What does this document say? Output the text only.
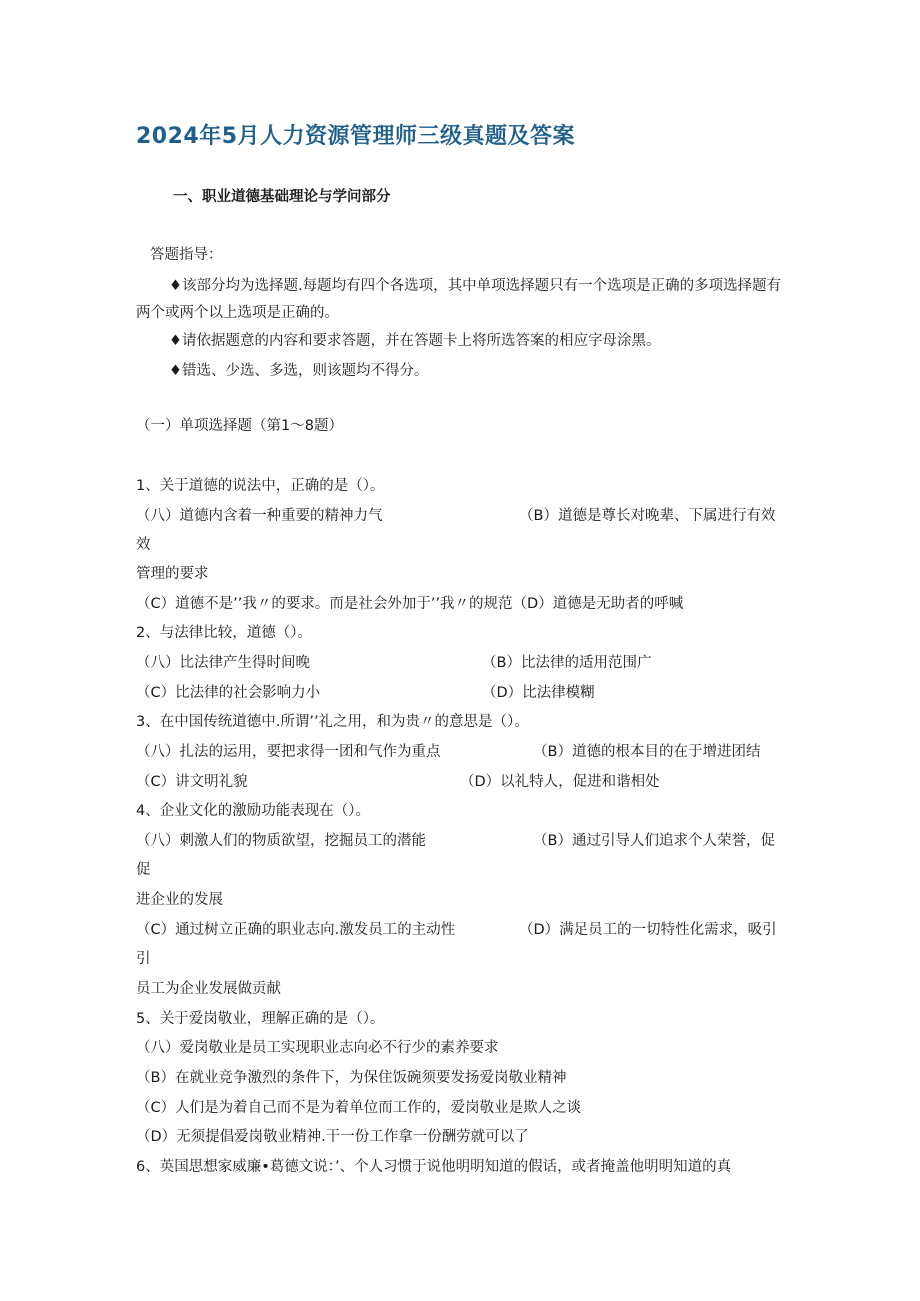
2024年5月人力资源管理师三级真题及答案
一、职业道德基础理论与学问部分
答题指导：
♦该部分均为选择题.每题均有四个各选项，其中单项选择题只有一个选项是正确的多项选择题有两个或两个以上选项是正确的。
♦请依据题意的内容和要求答题，并在答题卡上将所选答案的相应字母涂黑。
♦错选、少选、多选，则该题均不得分。
（一）单项选择题（第1～8题）
1、关于道德的说法中，正确的是（）。
（八）道德内含着一种重要的精神力气	（B）道德是尊长对晚辈、下属进行有效
效
管理的要求
（C）道德不是’’我〃的要求。而是社会外加于’’我〃的规范（D）道德是无助者的呼喊
2、与法律比较，道德（）。
（八）比法律产生得时间晚	（B）比法律的适用范围广
（C）比法律的社会影响力小	（D）比法律模糊
3、在中国传统道德中.所谓’’礼之用，和为贵〃的意思是（）。
（八）扎法的运用，要把求得一团和气作为重点	（B）道德的根本目的在于增进团结
（C）讲文明礼貌	（D）以礼特人，促进和谐相处
4、企业文化的激励功能表现在（）。
（八）刺激人们的物质欲望，挖掘员工的潜能	（B）通过引导人们追求个人荣誉，促
促
进企业的发展
（C）通过树立正确的职业志向.激发员工的主动性	（D）满足员工的一切特性化需求，吸引
引
员工为企业发展做贡献
5、关于爱岗敬业，理解正确的是（）。
（八）爱岗敬业是员工实现职业志向必不行少的素养要求
（B）在就业竞争激烈的条件下，为保住饭碗须要发扬爱岗敬业精神
（C）人们是为着自己而不是为着单位而工作的，爱岗敬业是欺人之谈
（D）无须提倡爱岗敬业精神.干一份工作拿一份酬劳就可以了
6、英国思想家威廉•葛德文说：’、个人习惯于说他明明知道的假话，或者掩盖他明明知道的真
